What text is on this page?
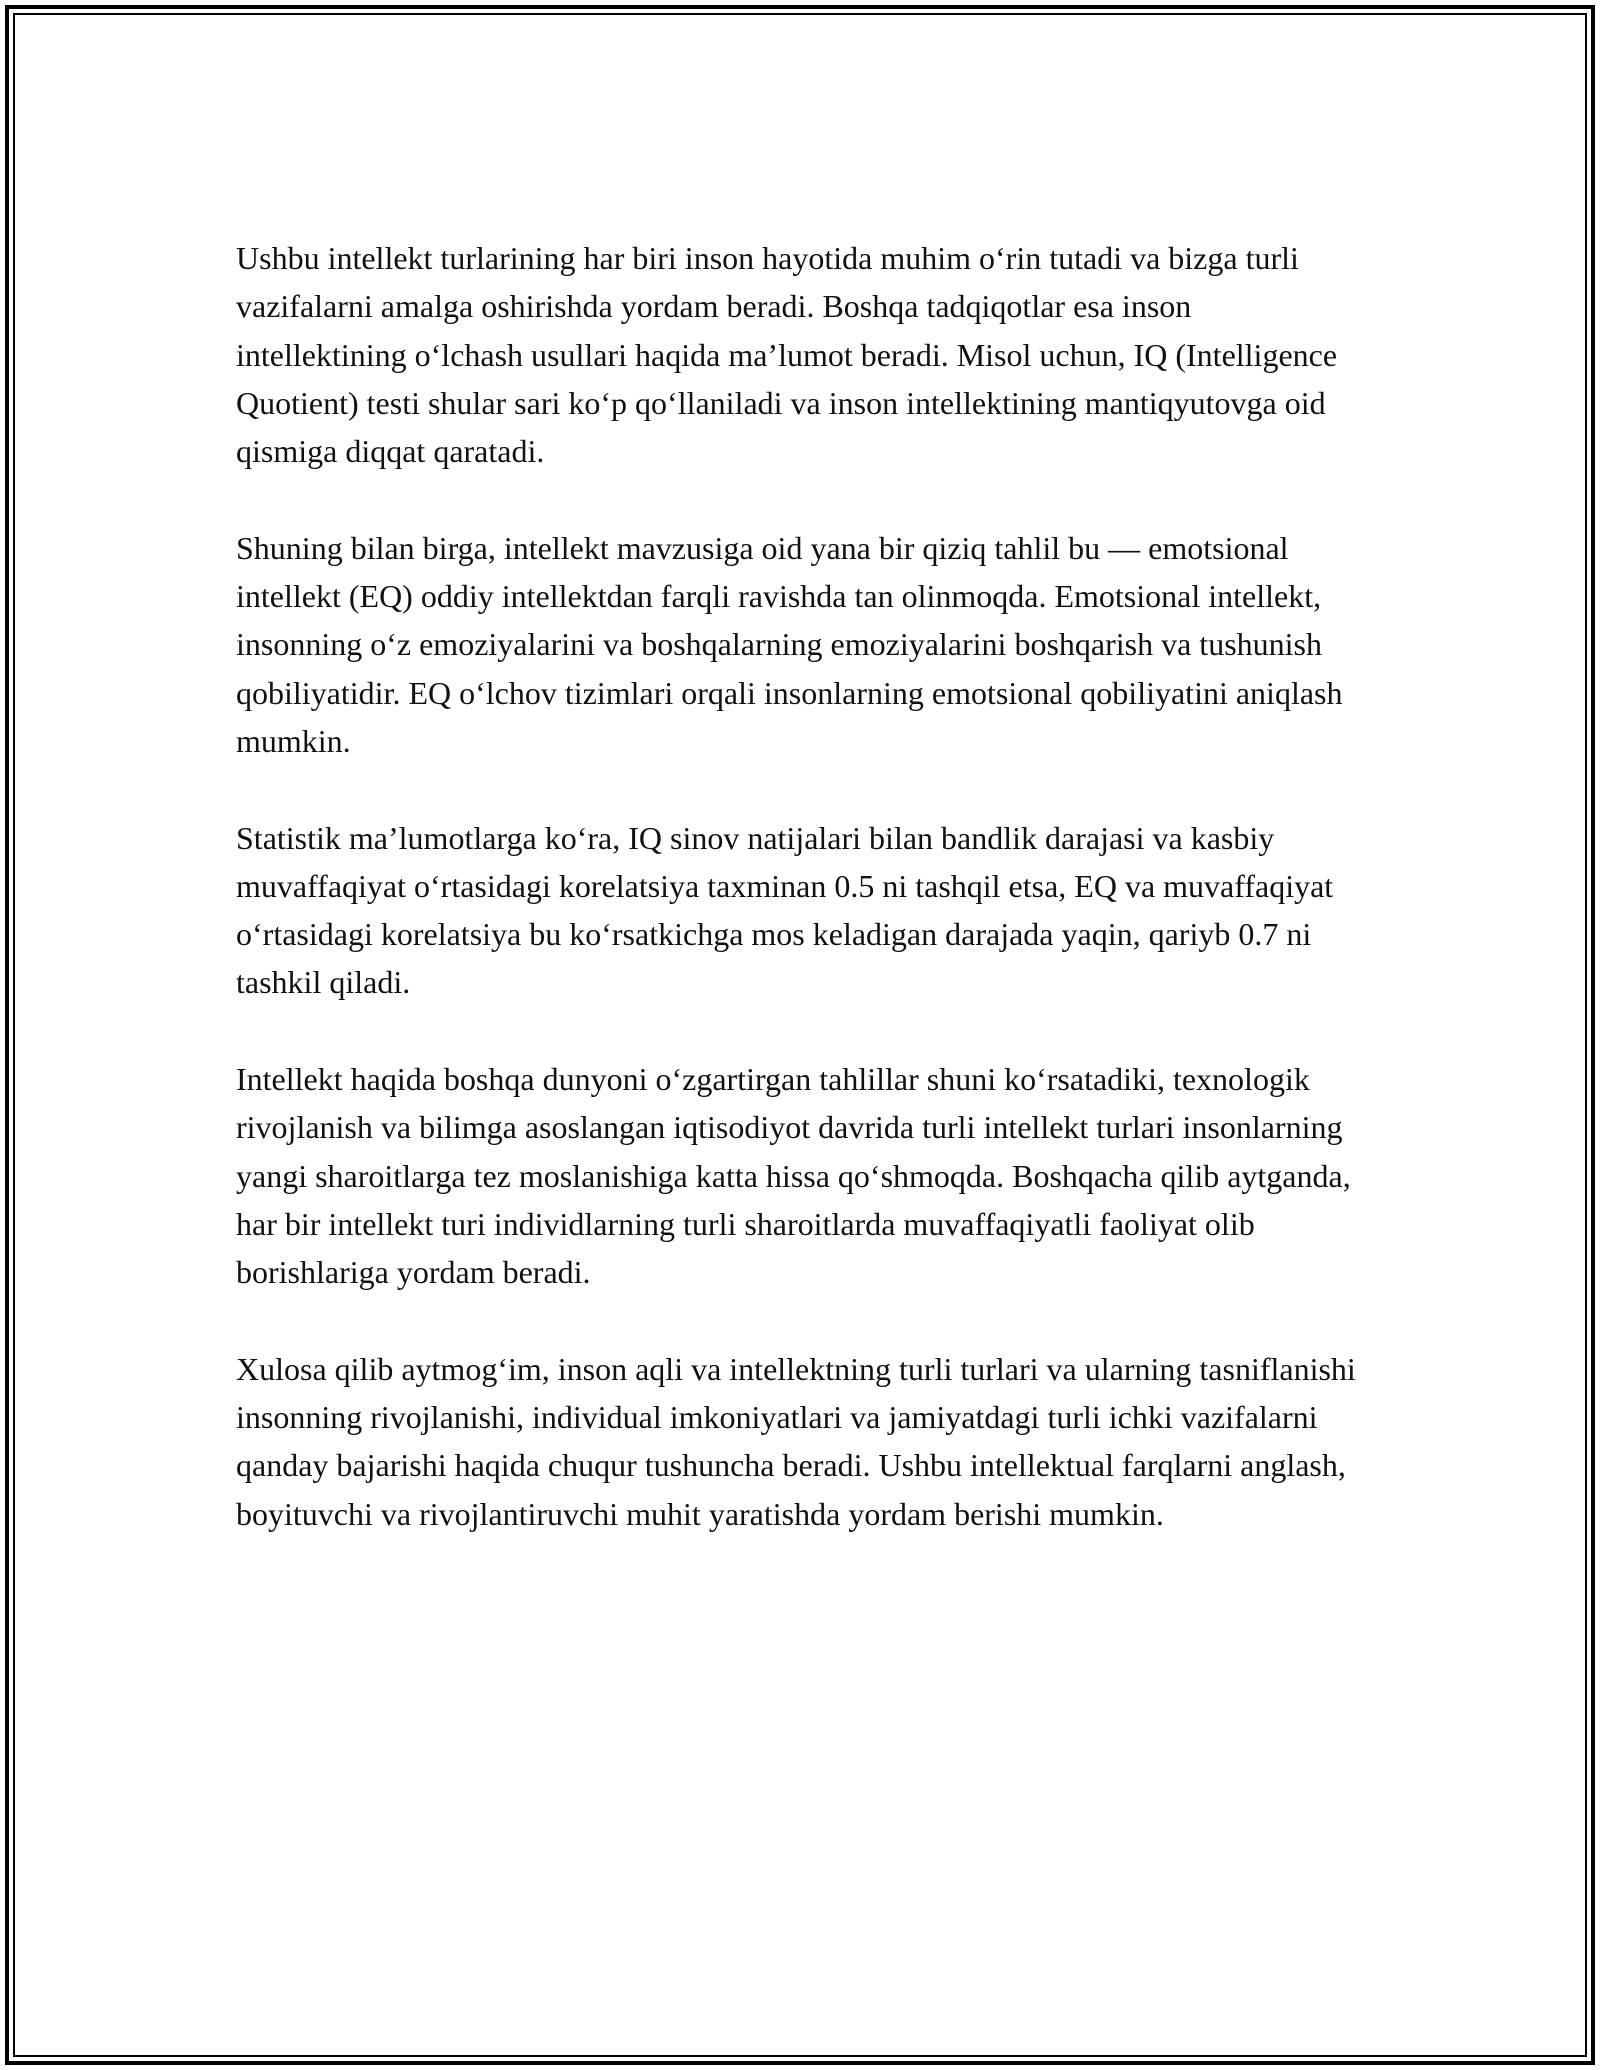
Ushbu intellekt turlarining har biri inson hayotida muhim o‘rin tutadi va bizga turli vazifalarni amalga oshirishda yordam beradi. Boshqa tadqiqotlar esa inson intellektining o‘lchash usullari haqida ma’lumot beradi. Misol uchun, IQ (Intelligence Quotient) testi shular sari ko‘p qo‘llaniladi va inson intellektining mantiqyutovga oid qismiga diqqat qaratadi.

Shuning bilan birga, intellekt mavzusiga oid yana bir qiziq tahlil bu — emotsional intellekt (EQ) oddiy intellektdan farqli ravishda tan olinmoqda. Emotsional intellekt, insonning o‘z emoziyalarini va boshqalarning emoziyalarini boshqarish va tushunish qobiliyatidir. EQ o‘lchov tizimlari orqali insonlarning emotsional qobiliyatini aniqlash mumkin.

Statistik ma’lumotlarga ko‘ra, IQ sinov natijalari bilan bandlik darajasi va kasbiy muvaffaqiyat o‘rtasidagi korelatsiya taxminan 0.5 ni tashqil etsa, EQ va muvaffaqiyat o‘rtasidagi korelatsiya bu ko‘rsatkichga mos keladigan darajada yaqin, qariyb 0.7 ni tashkil qiladi.

Intellekt haqida boshqa dunyoni o‘zgartirgan tahlillar shuni ko‘rsatadiki, texnologik rivojlanish va bilimga asoslangan iqtisodiyot davrida turli intellekt turlari insonlarning yangi sharoitlarga tez moslanishiga katta hissa qo‘shmoqda. Boshqacha qilib aytganda, har bir intellekt turi individlarning turli sharoitlarda muvaffaqiyatli faoliyat olib borishlariga yordam beradi.

Xulosa qilib aytmog‘im, inson aqli va intellektning turli turlari va ularning tasniflanishi insonning rivojlanishi, individual imkoniyatlari va jamiyatdagi turli ichki vazifalarni qanday bajarishi haqida chuqur tushuncha beradi. Ushbu intellektual farqlarni anglash, boyituvchi va rivojlantiruvchi muhit yaratishda yordam berishi mumkin.
